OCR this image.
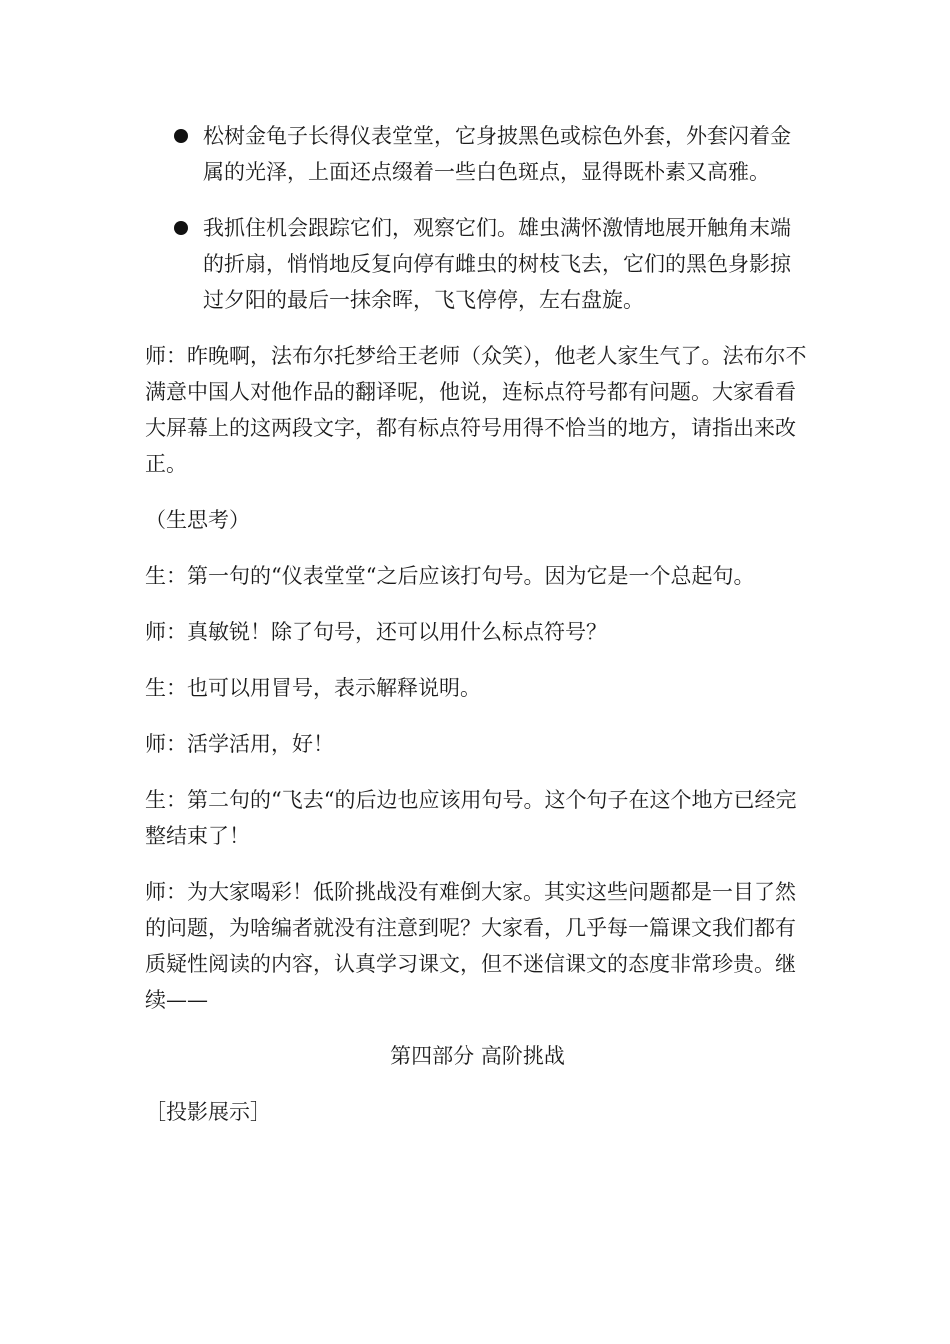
松树金龟子长得仪表堂堂，它身披黑色或棕色外套，外套闪着金属的光泽，上面还点缀着一些白色斑点，显得既朴素又高雅。
我抓住机会跟踪它们，观察它们。雄虫满怀激情地展开触角末端的折扇，悄悄地反复向停有雌虫的树枝飞去，它们的黑色身影掠过夕阳的最后一抹余晖，飞飞停停，左右盘旋。

师：昨晚啊，法布尔托梦给王老师（众笑），他老人家生气了。法布尔不满意中国人对他作品的翻译呢，他说，连标点符号都有问题。大家看看大屏幕上的这两段文字，都有标点符号用得不恰当的地方，请指出来改正。

（生思考）

生：第一句的“仪表堂堂“之后应该打句号。因为它是一个总起句。

师：真敏锐！除了句号，还可以用什么标点符号？

生：也可以用冒号，表示解释说明。

师：活学活用，好！

生：第二句的“飞去“的后边也应该用句号。这个句子在这个地方已经完整结束了！

师：为大家喝彩！低阶挑战没有难倒大家。其实这些问题都是一目了然的问题，为啥编者就没有注意到呢？大家看，几乎每一篇课文我们都有质疑性阅读的内容，认真学习课文，但不迷信课文的态度非常珍贵。继续——

第四部分 高阶挑战

［投影展示］
